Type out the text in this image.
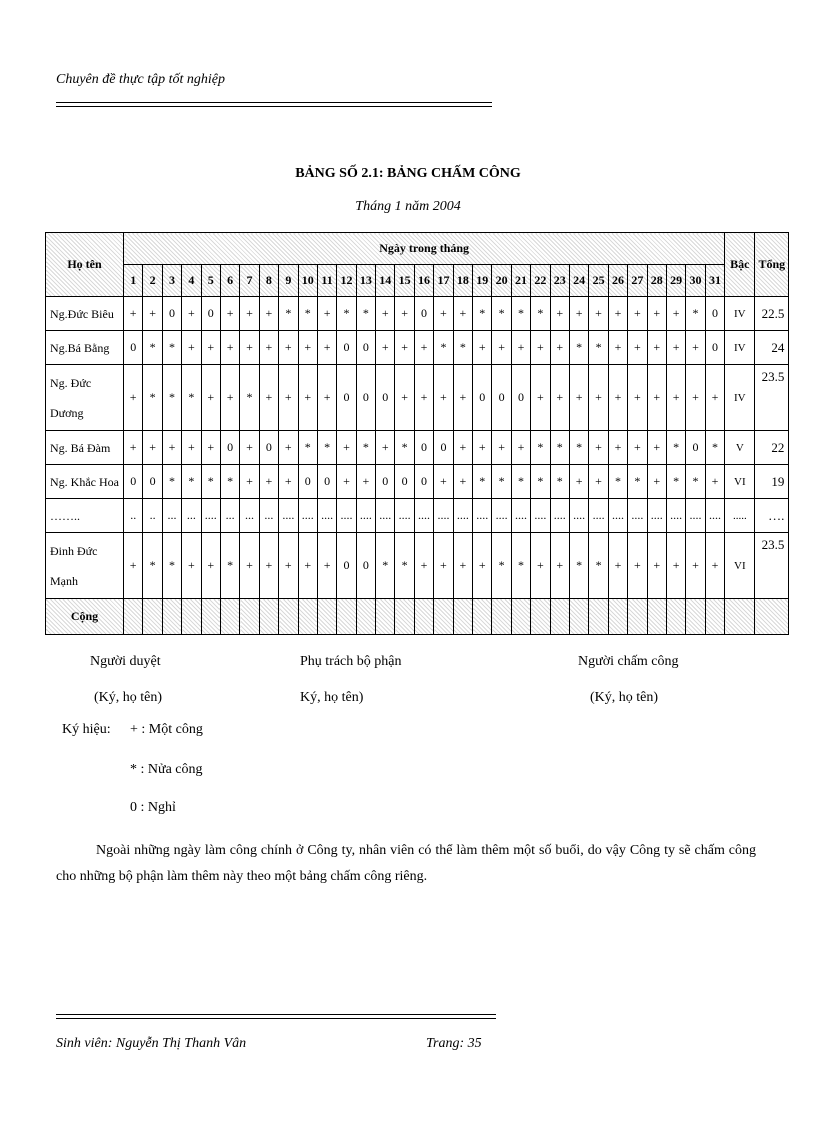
Chuyên đề thực tập tốt nghiệp
BẢNG SỐ 2.1: BẢNG CHẤM CÔNG
Tháng 1 năm 2004
Họ tên	Ngày trong tháng																															Bậc	Tổng
	1	2	3	4	5	6	7	8	9	10	11	12	13	14	15	16	17	18	19	20	21	22	23	24	25	26	27	28	29	30	31		
Ng.Đức Biêu	+	+	0	+	0	+	+	+	*	*	+	*	*	+	+	0	+	+	*	*	*	*	+	+	+	+	+	+	+	*	0	IV	22.5
Ng.Bá Bằng	0	*	*	+	+	+	+	+	+	+	+	0	0	+	+	+	*	*	+	+	+	+	+	*	*	+	+	+	+	+	0	IV	24
Ng. Đức Dương	+	*	*	*	+	+	*	+	+	+	+	0	0	0	+	+	+	+	0	0	0	+	+	+	+	+	+	+	+	+	+	IV	23.5
Ng. Bá Đàm	+	+	+	+	+	0	+	0	+	*	*	+	*	+	*	0	0	+	+	+	+	*	*	*	+	+	+	+	*	0	*	V	22
Ng. Khắc Hoa	0	0	*	*	*	*	+	+	+	0	0	+	+	0	0	0	+	+	*	*	*	*	*	+	+	*	*	+	*	*	+	VI	19
……..	..	..	...	...	....	...	...	...	....	....	....	....	....	....	....	....	....	....	....	....	....	....	....	....	....	....	....	....	....	....	....	.....	….
Đinh Đức Mạnh	+	*	*	+	+	*	+	+	+	+	+	0	0	*	*	+	+	+	+	*	*	+	+	*	*	+	+	+	+	+	+	VI	23.5
Cộng																																	
Người duyệt
(Ký, họ tên)
Phụ trách bộ phận
Ký, họ tên)
Người chấm công
(Ký, họ tên)
Ký hiệu: + : Một công
* : Nửa công
0 : Nghỉ
Ngoài những ngày làm công chính ở Công ty, nhân viên có thể làm thêm một số buổi, do vậy Công ty sẽ chấm công cho những bộ phận làm thêm này theo một bảng chấm công riêng.
Sinh viên: Nguyễn Thị Thanh Vân	Trang: 35
